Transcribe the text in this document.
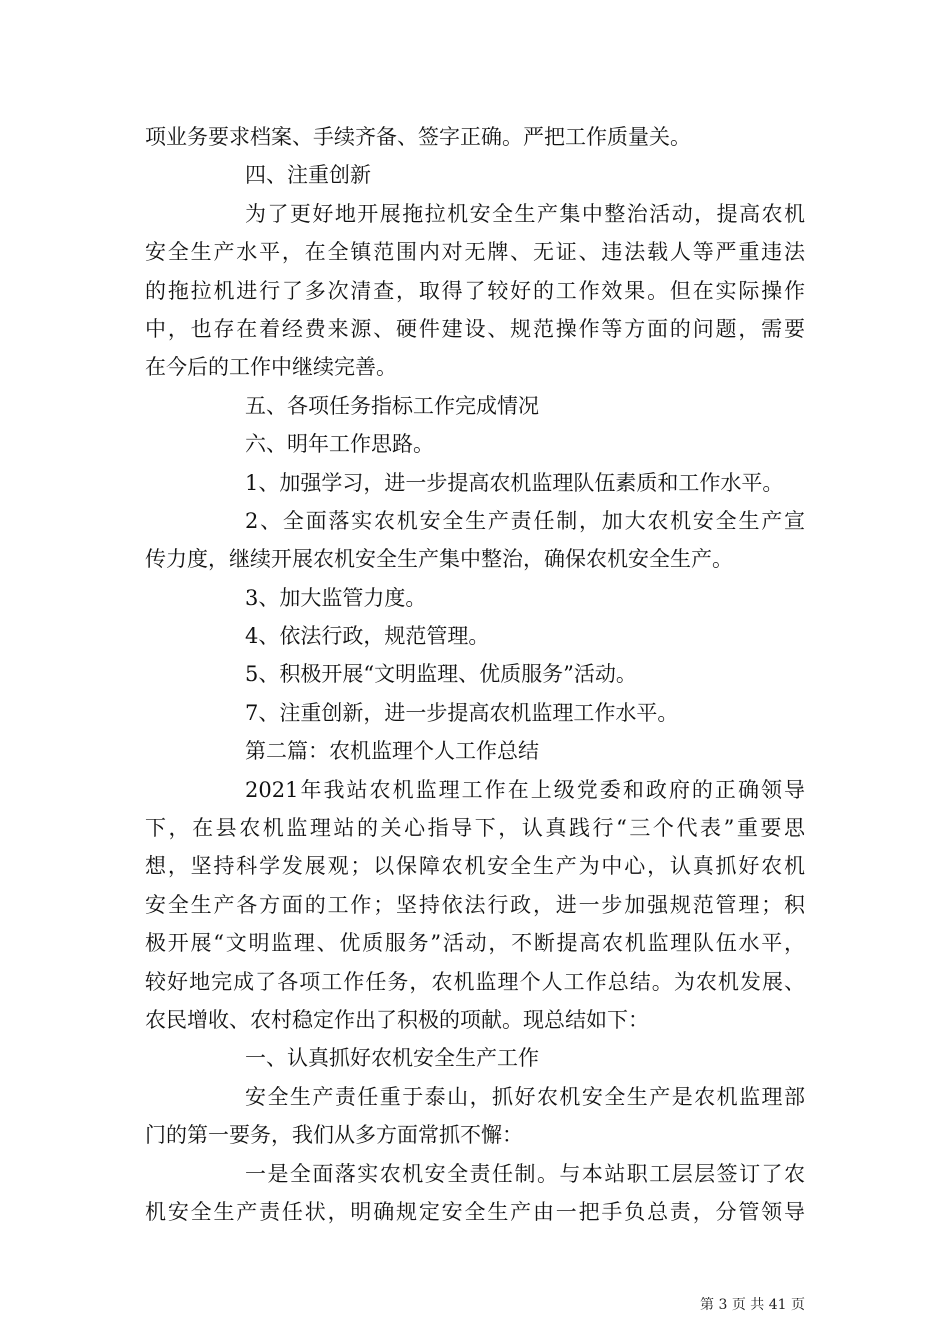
项业务要求档案、手续齐备、签字正确。严把工作质量关。
四、注重创新
为了更好地开展拖拉机安全生产集中整治活动，提高农机
安全生产水平，在全镇范围内对无牌、无证、违法载人等严重违法
的拖拉机进行了多次清查，取得了较好的工作效果。但在实际操作
中，也存在着经费来源、硬件建设、规范操作等方面的问题，需要
在今后的工作中继续完善。
五、各项任务指标工作完成情况
六、明年工作思路。
1、加强学习，进一步提高农机监理队伍素质和工作水平。
2、全面落实农机安全生产责任制，加大农机安全生产宣
传力度，继续开展农机安全生产集中整治，确保农机安全生产。
3、加大监管力度。
4、依法行政，规范管理。
5、积极开展“文明监理、优质服务”活动。
7、注重创新，进一步提高农机监理工作水平。
第二篇：农机监理个人工作总结
2021年我站农机监理工作在上级党委和政府的正确领导
下，在县农机监理站的关心指导下，认真践行“三个代表”重要思
想，坚持科学发展观；以保障农机安全生产为中心，认真抓好农机
安全生产各方面的工作；坚持依法行政，进一步加强规范管理；积
极开展“文明监理、优质服务”活动，不断提高农机监理队伍水平，
较好地完成了各项工作任务，农机监理个人工作总结。为农机发展、
农民增收、农村稳定作出了积极的项献。现总结如下：
一、认真抓好农机安全生产工作
安全生产责任重于泰山，抓好农机安全生产是农机监理部
门的第一要务，我们从多方面常抓不懈：
一是全面落实农机安全责任制。与本站职工层层签订了农
机安全生产责任状，明确规定安全生产由一把手负总责，分管领导
第 3 页 共 41 页
